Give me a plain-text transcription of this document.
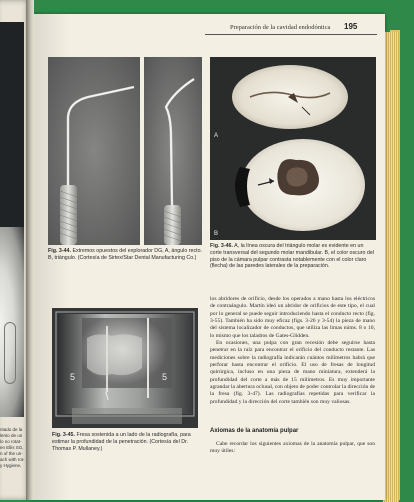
ntado de la
lento de un
lo no rotat-
en Ellis SG,
n of the un-
ach with rot-
y Hygiene,
Preparación de la cavidad endodóntica 195
Fig. 3-44. Extremos opuestos del explorador DG, A, ángulo recto. B, triángulo. (Cortesía de Sirtex/Star Dental Manufacturing Co.)
A
B
Fig. 3-46. A, la línea oscura del triángulo molar es evidente en un corte transversal del segundo molar mandibular. B, el color oscuro del piso de la cámara pulpar contrasta notablemente con el color claro (flecha) de las paredes laterales de la preparación.
5	5
Fig. 3-45. Fresa sostenida a un lado de la radiografía, para estimar la profundidad de la penetración. (Cortesía del Dr. Thomas P. Mullaney.)

los abridores de orificio, desde los operados a mano hasta los eléctricos de contraángulo. Martín ideó un abridor de orificios de este tipo, el cual por lo general se puede seguir introduciendo hasta el conducto recto (fig. 3-55). También ha sido muy eficaz (figs. 3-26 y 3-54) la pieza de mano del sistema localizador de conductos, que utiliza las limas núms. 8 o 10, lo mismo que los taladros de Gates-Glidden.

En ocasiones, una pulpa con gran recesión debe seguirse hasta penetrar en la raíz para encontrar el orificio del conducto restante. Las mediciones sobre la radiografía indicarán cuántos milímetros habrá que perforar hasta encontrar el orificio. El uso de fresas de longitud quirúrgica, incluso en una pieza de mano miniatura, extenderá la profundidad del corte a más de 15 milímetros. Es muy importante agrandar la abertura oclusal, con objeto de poder controlar la dirección de la fresa (fig. 3-47). Las radiografías repetidas para verificar la profundidad y la dirección del corte también son muy valiosas.

Axiomas de la anatomía pulpar

Cabe recordar los siguientes axiomas de la anatomía pulpar, que son muy útiles:
